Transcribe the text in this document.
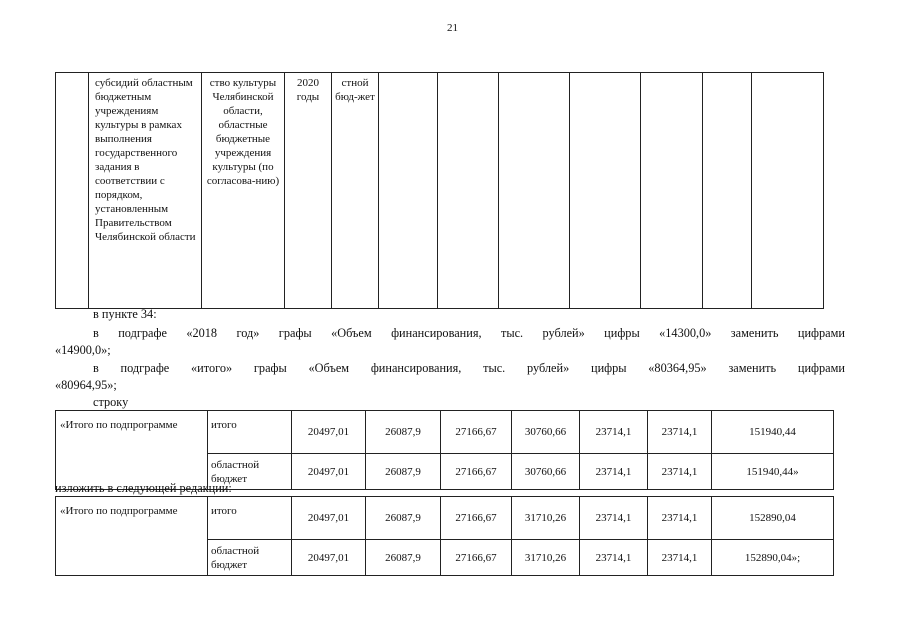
21
	субсидий областным бюджетным учреждениям культуры в рамках выполнения государственного задания в соответствии с порядком, установленным Правительством Челябинской области	ство культуры Челябинской области, областные бюджетные учреждения культуры (по согласова-нию)	2020 годы	стной бюд-жет							
в пункте 34:
в подграфе «2018 год» графы «Объем финансирования, тыс. рублей» цифры «14300,0» заменить цифрами
«14900,0»;
в подграфе «итого» графы «Объем финансирования, тыс. рублей» цифры «80364,95» заменить цифрами
«80964,95»;
строку
«Итого по подпрограмме	итого	20497,01	26087,9	27166,67	30760,66	23714,1	23714,1	151940,44
	областной бюджет	20497,01	26087,9	27166,67	30760,66	23714,1	23714,1	151940,44»
изложить в следующей редакции:
«Итого по подпрограмме	итого	20497,01	26087,9	27166,67	31710,26	23714,1	23714,1	152890,04
	областной бюджет	20497,01	26087,9	27166,67	31710,26	23714,1	23714,1	152890,04»;
